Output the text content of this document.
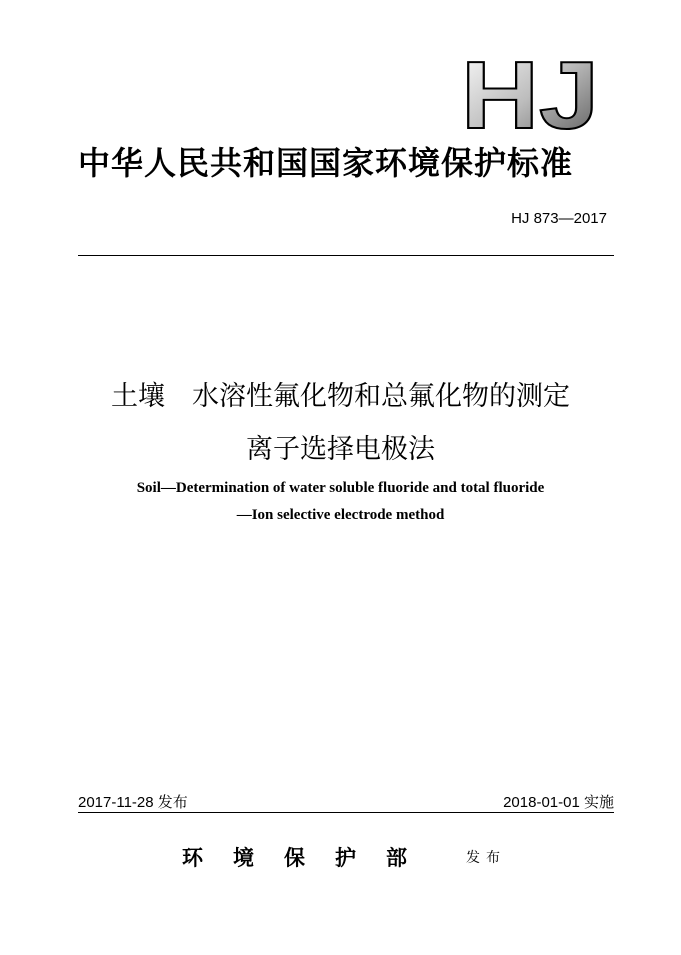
HJ
中华人民共和国国家环境保护标准
HJ 873—2017
土壤　水溶性氟化物和总氟化物的测定
离子选择电极法
Soil—Determination of water soluble fluoride and total fluoride
—Ion selective electrode method
2017-11-28 发布	2018-01-01 实施
环境保护部 发布
